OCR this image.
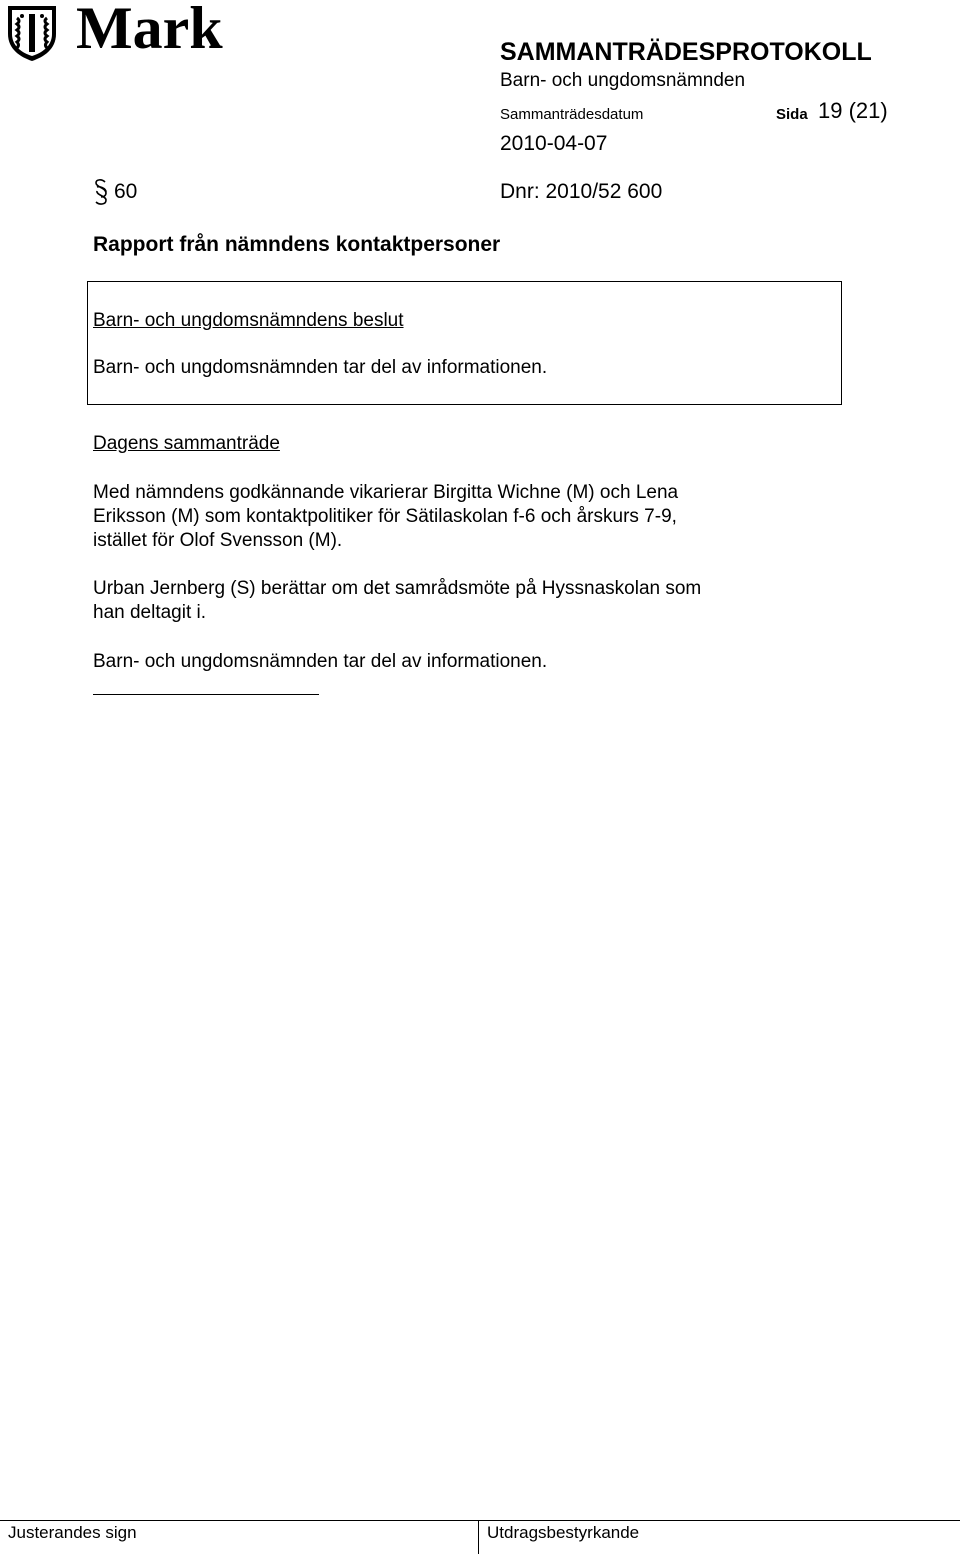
Mark	SAMMANTRÄDESPROTOKOLL
Barn- och ungdomsnämnden
Sammanträdesdatum	Sida 19 (21)
2010-04-07
60	Dnr: 2010/52 600
Rapport från nämndens kontaktpersoner
Barn- och ungdomsnämndens beslut
Barn- och ungdomsnämnden tar del av informationen.
Dagens sammanträde
Med nämndens godkännande vikarierar Birgitta Wichne (M) och Lena
Eriksson (M) som kontaktpolitiker för Sätilaskolan f-6 och årskurs 7-9,
istället för Olof Svensson (M).
Urban Jernberg (S) berättar om det samrådsmöte på Hyssnaskolan som
han deltagit i.
Barn- och ungdomsnämnden tar del av informationen.
Justerandes sign	Utdragsbestyrkande
